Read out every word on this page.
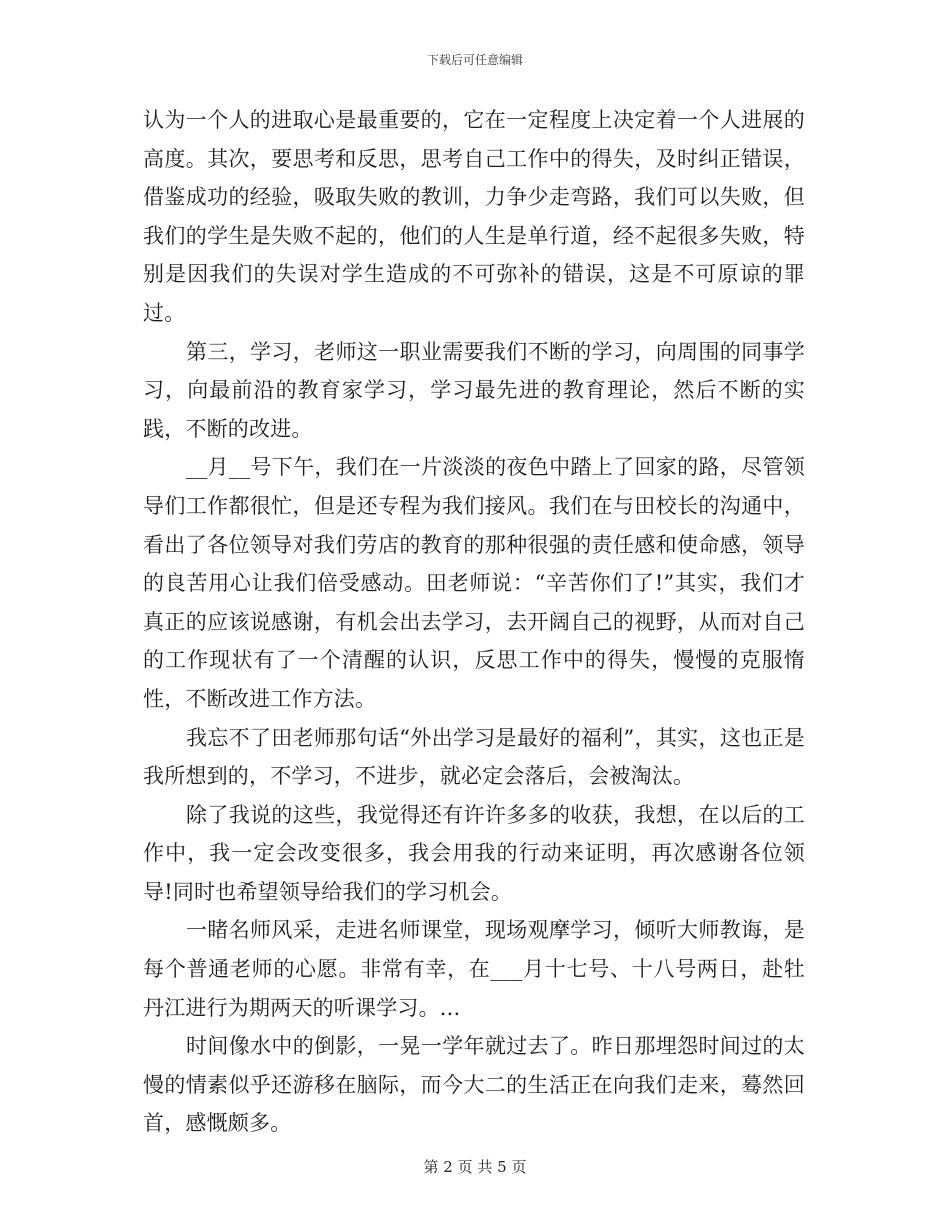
下载后可任意编辑

认为一个人的进取心是最重要的，它在一定程度上决定着一个人进展的高度。其次，要思考和反思，思考自己工作中的得失，及时纠正错误，借鉴成功的经验，吸取失败的教训，力争少走弯路，我们可以失败，但我们的学生是失败不起的，他们的人生是单行道，经不起很多失败，特别是因我们的失误对学生造成的不可弥补的错误，这是不可原谅的罪过。

第三，学习，老师这一职业需要我们不断的学习，向周围的同事学习，向最前沿的教育家学习，学习最先进的教育理论，然后不断的实践，不断的改进。

__月__号下午，我们在一片淡淡的夜色中踏上了回家的路，尽管领导们工作都很忙，但是还专程为我们接风。我们在与田校长的沟通中，看出了各位领导对我们劳店的教育的那种很强的责任感和使命感，领导的良苦用心让我们倍受感动。田老师说：“辛苦你们了!”其实，我们才真正的应该说感谢，有机会出去学习，去开阔自己的视野，从而对自己的工作现状有了一个清醒的认识，反思工作中的得失，慢慢的克服惰性，不断改进工作方法。

我忘不了田老师那句话“外出学习是最好的福利”，其实，这也正是我所想到的，不学习，不进步，就必定会落后，会被淘汰。

除了我说的这些，我觉得还有许许多多的收获，我想，在以后的工作中，我一定会改变很多，我会用我的行动来证明，再次感谢各位领导!同时也希望领导给我们的学习机会。

一睹名师风采，走进名师课堂，现场观摩学习，倾听大师教诲，是每个普通老师的心愿。非常有幸，在___月十七号、十八号两日，赴牡丹江进行为期两天的听课学习。...

时间像水中的倒影，一晃一学年就过去了。昨日那埋怨时间过的太慢的情素似乎还游移在脑际，而今大二的生活正在向我们走来，蓦然回首，感慨颇多。

第 2 页 共 5 页
